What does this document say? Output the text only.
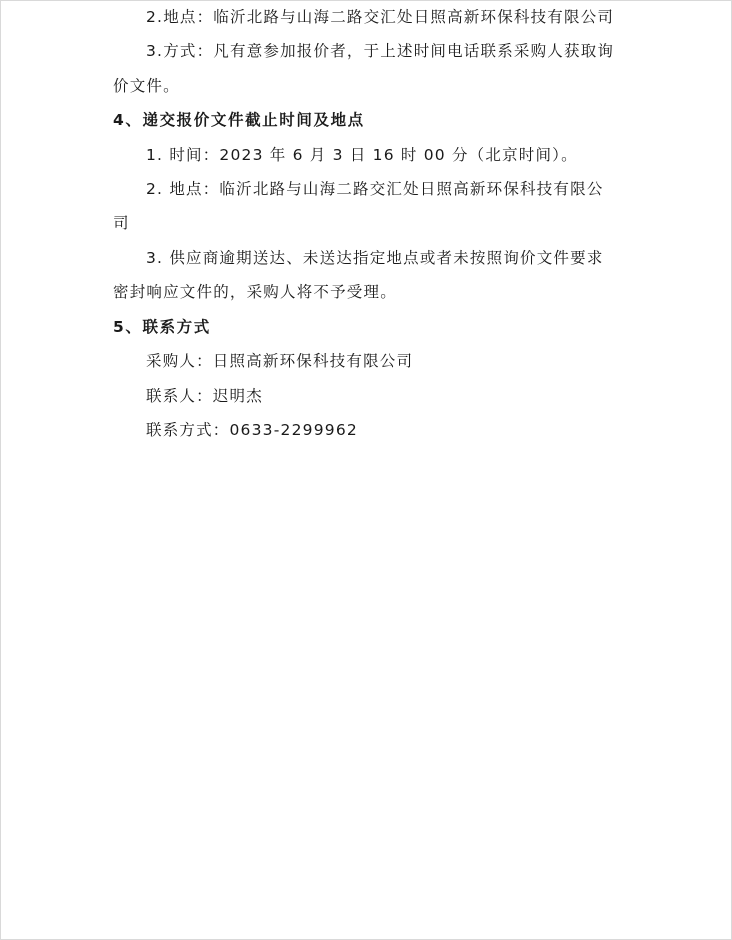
2.地点：临沂北路与山海二路交汇处日照高新环保科技有限公司
3.方式：凡有意参加报价者，于上述时间电话联系采购人获取询
价文件。
4、递交报价文件截止时间及地点
1. 时间：2023 年 6 月 3 日 16 时 00 分（北京时间）。
2. 地点：临沂北路与山海二路交汇处日照高新环保科技有限公
司
3. 供应商逾期送达、未送达指定地点或者未按照询价文件要求
密封响应文件的，采购人将不予受理。
5、联系方式
采购人：日照高新环保科技有限公司
联系人：迟明杰
联系方式：0633-2299962
